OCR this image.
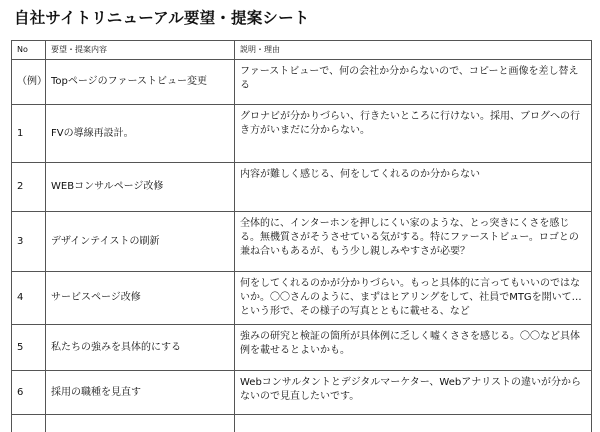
自社サイトリニューアル要望・提案シート
No	要望・提案内容	説明・理由
（例）	Topページのファーストビュー変更	ファーストビューで、何の会社か分からないので、コピーと画像を差し替える
1	FVの導線再設計。	グロナビが分かりづらい、行きたいところに行けない。採用、ブログへの行き方がいまだに分からない。
2	WEBコンサルページ改修	内容が難しく感じる、何をしてくれるのか分からない
3	デザインテイストの刷新	全体的に、インターホンを押しにくい家のような、とっ突きにくさを感じる。無機質さがそうさせている気がする。特にファーストビュー。ロゴとの兼ね合いもあるが、もう少し親しみやすさが必要？
4	サービスページ改修	何をしてくれるのかが分かりづらい。もっと具体的に言ってもいいのではないか。〇〇さんのように、まずはヒアリングをして、社員でMTGを開いて…という形で、その様子の写真とともに載せる、など
5	私たちの強みを具体的にする	強みの研究と検証の箇所が具体例に乏しく嘘くささを感じる。〇〇など具体例を載せるとよいかも。
6	採用の職種を見直す	Webコンサルタントとデジタルマーケター、Webアナリストの違いが分からないので見直したいです。
